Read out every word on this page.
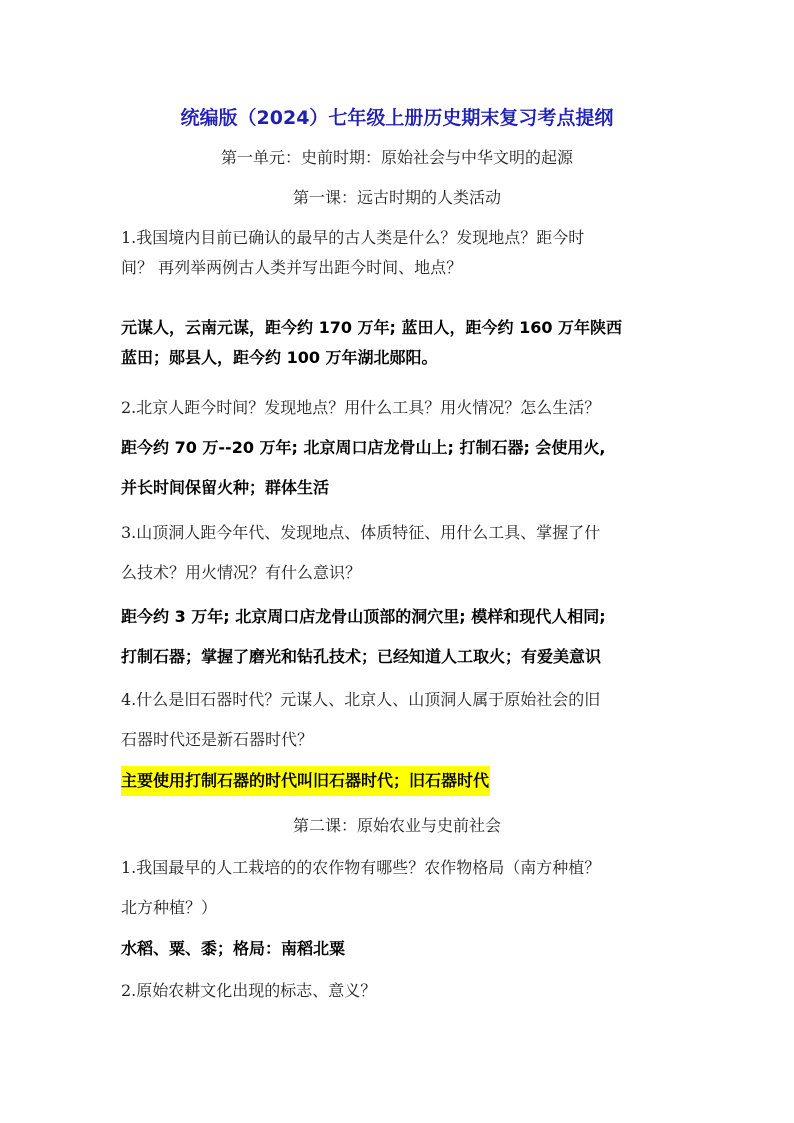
统编版（2024）七年级上册历史期末复习考点提纲
第一单元：史前时期：原始社会与中华文明的起源
第一课：远古时期的人类活动

1.我国境内目前已确认的最早的古人类是什么？发现地点？距今时
间？ 再列举两例古人类并写出距今时间、地点？

元谋人，云南元谋，距今约 170 万年; 蓝田人，距今约 160 万年陕西
蓝田；郧县人，距今约 100 万年湖北郧阳。

2.北京人距今时间？发现地点？用什么工具？用火情况？怎么生活？

距今约 70 万--20 万年; 北京周口店龙骨山上; 打制石器; 会使用火,
并长时间保留火种；群体生活

3.山顶洞人距今年代、发现地点、体质特征、用什么工具、掌握了什
么技术？用火情况？有什么意识？

距今约 3 万年; 北京周口店龙骨山顶部的洞穴里; 模样和现代人相同;
打制石器；掌握了磨光和钻孔技术；已经知道人工取火；有爱美意识

4.什么是旧石器时代？元谋人、北京人、山顶洞人属于原始社会的旧
石器时代还是新石器时代？

主要使用打制石器的时代叫旧石器时代；旧石器时代

第二课：原始农业与史前社会

1.我国最早的人工栽培的的农作物有哪些？农作物格局（南方种植？
北方种植？）

水稻、粟、黍；格局：南稻北粟

2.原始农耕文化出现的标志、意义？
